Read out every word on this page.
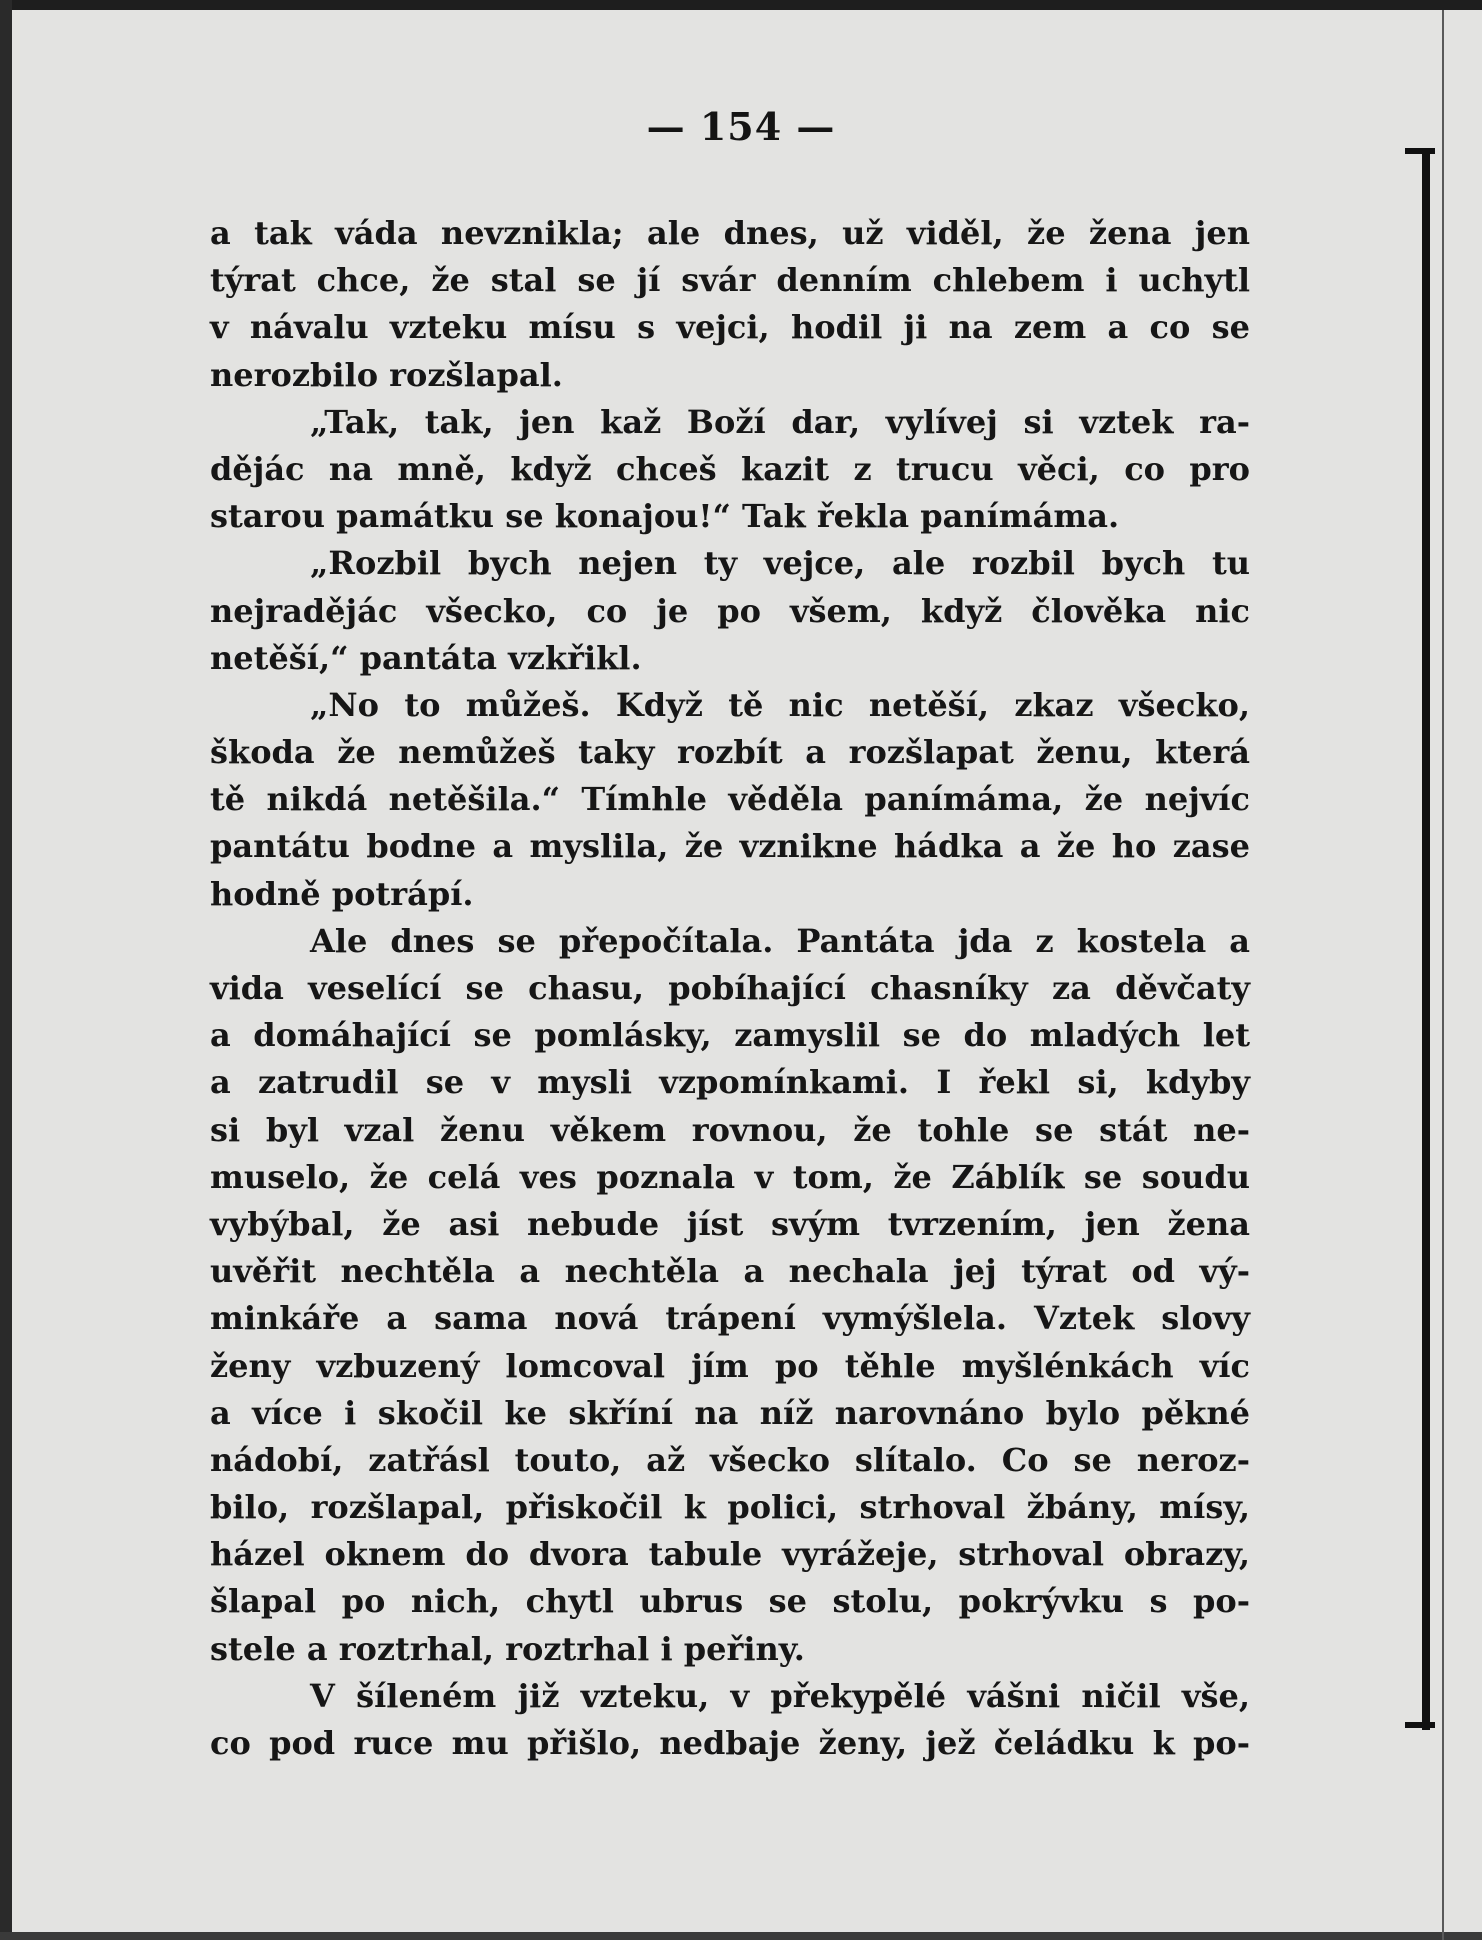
— 154 —
a tak váda nevznikla; ale dnes, už viděl, že žena jen
týrat chce, že stal se jí svár denním chlebem i uchytl
v návalu vzteku mísu s vejci, hodil ji na zem a co se
nerozbilo rozšlapal.
„Tak, tak, jen kaž Boží dar, vylívej si vztek ra-
dějác na mně, když chceš kazit z trucu věci, co pro
starou památku se konajou!“ Tak řekla panímáma.
„Rozbil bych nejen ty vejce, ale rozbil bych tu
nejradějác všecko, co je po všem, když člověka nic
netěší,“ pantáta vzkřikl.
„No to můžeš. Když tě nic netěší, zkaz všecko,
škoda že nemůžeš taky rozbít a rozšlapat ženu, která
tě nikdá netěšila.“ Tímhle věděla panímáma, že nejvíc
pantátu bodne a myslila, že vznikne hádka a že ho zase
hodně potrápí.
Ale dnes se přepočítala. Pantáta jda z kostela a
vida veselící se chasu, pobíhající chasníky za děvčaty
a domáhající se pomlásky, zamyslil se do mladých let
a zatrudil se v mysli vzpomínkami. I řekl si, kdyby
si byl vzal ženu věkem rovnou, že tohle se stát ne-
muselo, že celá ves poznala v tom, že Záblík se soudu
vybýbal, že asi nebude jíst svým tvrzením, jen žena
uvěřit nechtěla a nechtěla a nechala jej týrat od vý-
minkáře a sama nová trápení vymýšlela. Vztek slovy
ženy vzbuzený lomcoval jím po těhle myšlénkách víc
a více i skočil ke skříní na níž narovnáno bylo pěkné
nádobí, zatřásl touto, až všecko slítalo. Co se neroz-
bilo, rozšlapal, přiskočil k polici, strhoval žbány, mísy,
házel oknem do dvora tabule vyrážeje, strhoval obrazy,
šlapal po nich, chytl ubrus se stolu, pokrývku s po-
stele a roztrhal, roztrhal i peřiny.
V šíleném již vzteku, v překypělé vášni ničil vše,
co pod ruce mu přišlo, nedbaje ženy, jež čeládku k po-
